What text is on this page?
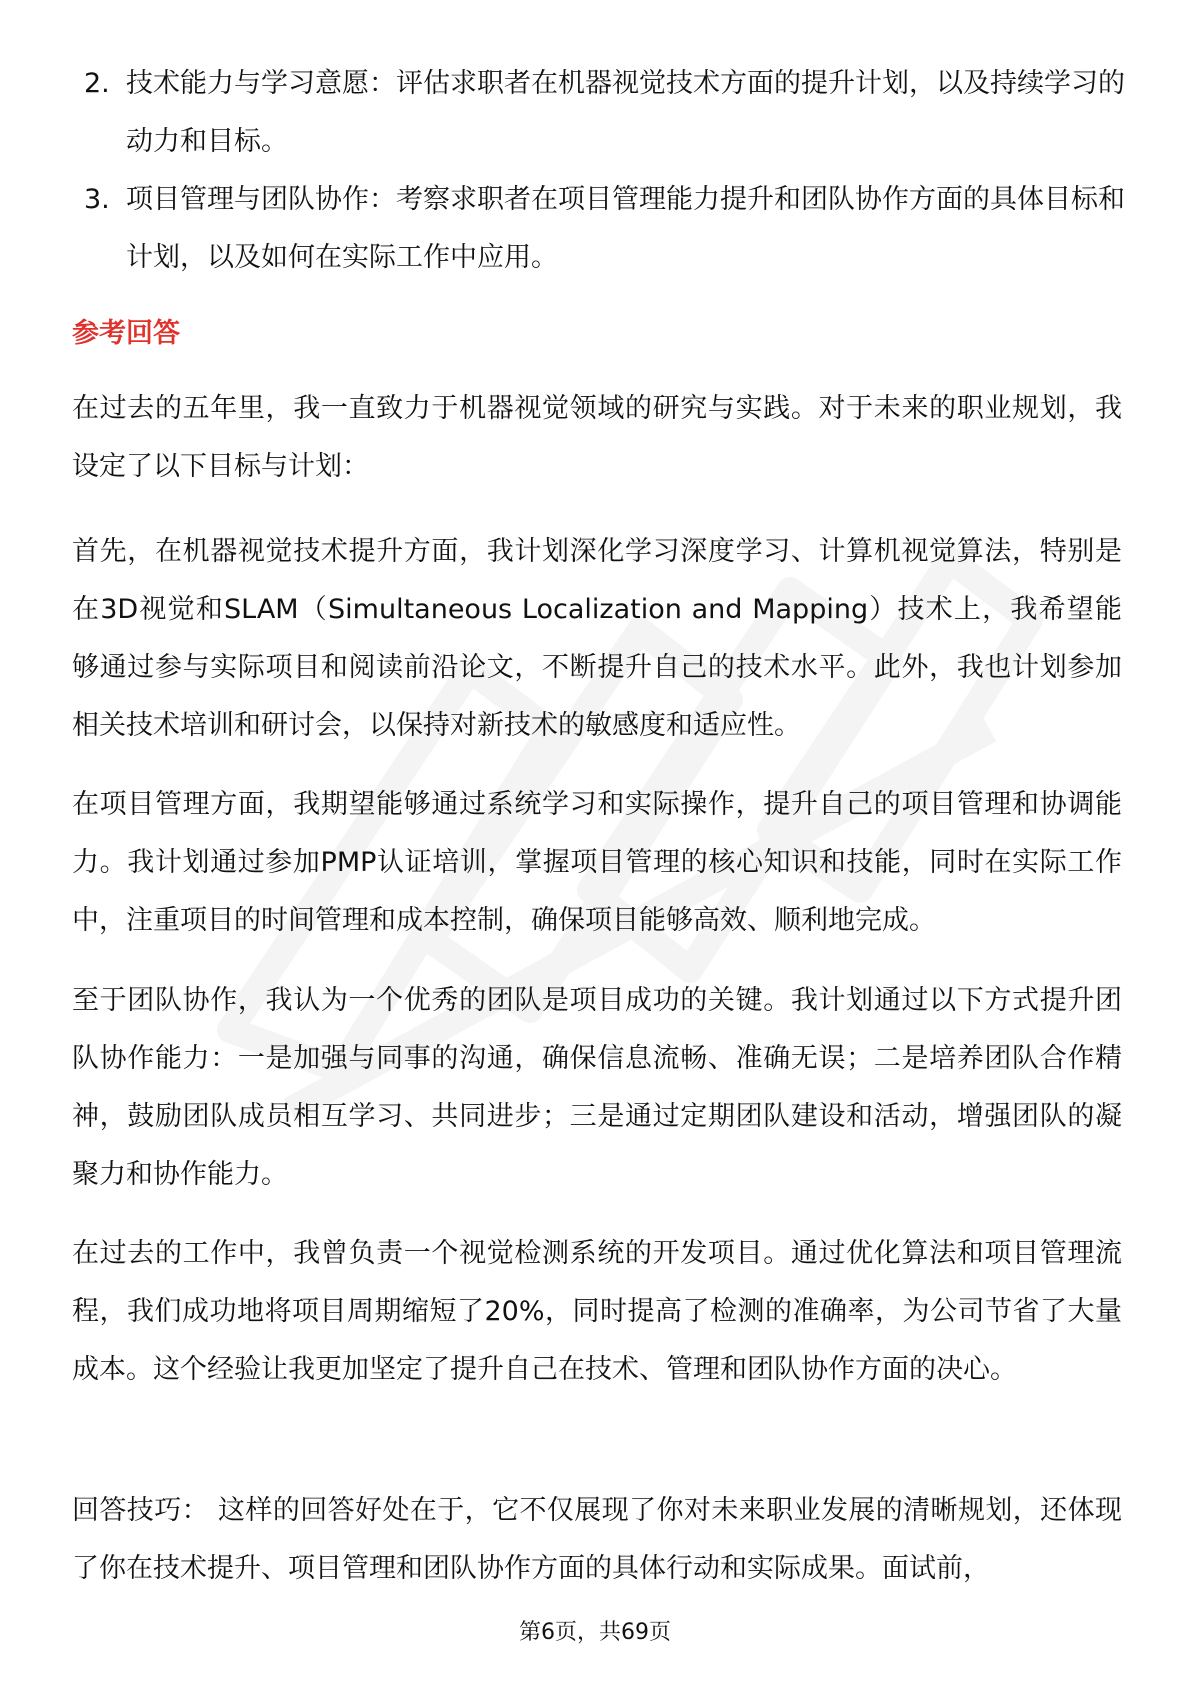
2. 技术能力与学习意愿：评估求职者在机器视觉技术方面的提升计划，以及持续学习的动力和目标。
3. 项目管理与团队协作：考察求职者在项目管理能力提升和团队协作方面的具体目标和计划，以及如何在实际工作中应用。
参考回答

在过去的五年里，我一直致力于机器视觉领域的研究与实践。对于未来的职业规划，我设定了以下目标与计划：

首先，在机器视觉技术提升方面，我计划深化学习深度学习、计算机视觉算法，特别是在3D视觉和SLAM（Simultaneous Localization and Mapping）技术上，我希望能够通过参与实际项目和阅读前沿论文，不断提升自己的技术水平。此外，我也计划参加相关技术培训和研讨会，以保持对新技术的敏感度和适应性。

在项目管理方面，我期望能够通过系统学习和实际操作，提升自己的项目管理和协调能力。我计划通过参加PMP认证培训，掌握项目管理的核心知识和技能，同时在实际工作中，注重项目的时间管理和成本控制，确保项目能够高效、顺利地完成。

至于团队协作，我认为一个优秀的团队是项目成功的关键。我计划通过以下方式提升团队协作能力：一是加强与同事的沟通，确保信息流畅、准确无误；二是培养团队合作精神，鼓励团队成员相互学习、共同进步；三是通过定期团队建设和活动，增强团队的凝聚力和协作能力。

在过去的工作中，我曾负责一个视觉检测系统的开发项目。通过优化算法和项目管理流程，我们成功地将项目周期缩短了20%，同时提高了检测的准确率，为公司节省了大量成本。这个经验让我更加坚定了提升自己在技术、管理和团队协作方面的决心。

回答技巧： 这样的回答好处在于，它不仅展现了你对未来职业发展的清晰规划，还体现了你在技术提升、项目管理和团队协作方面的具体行动和实际成果。面试前，

第6页，共69页
